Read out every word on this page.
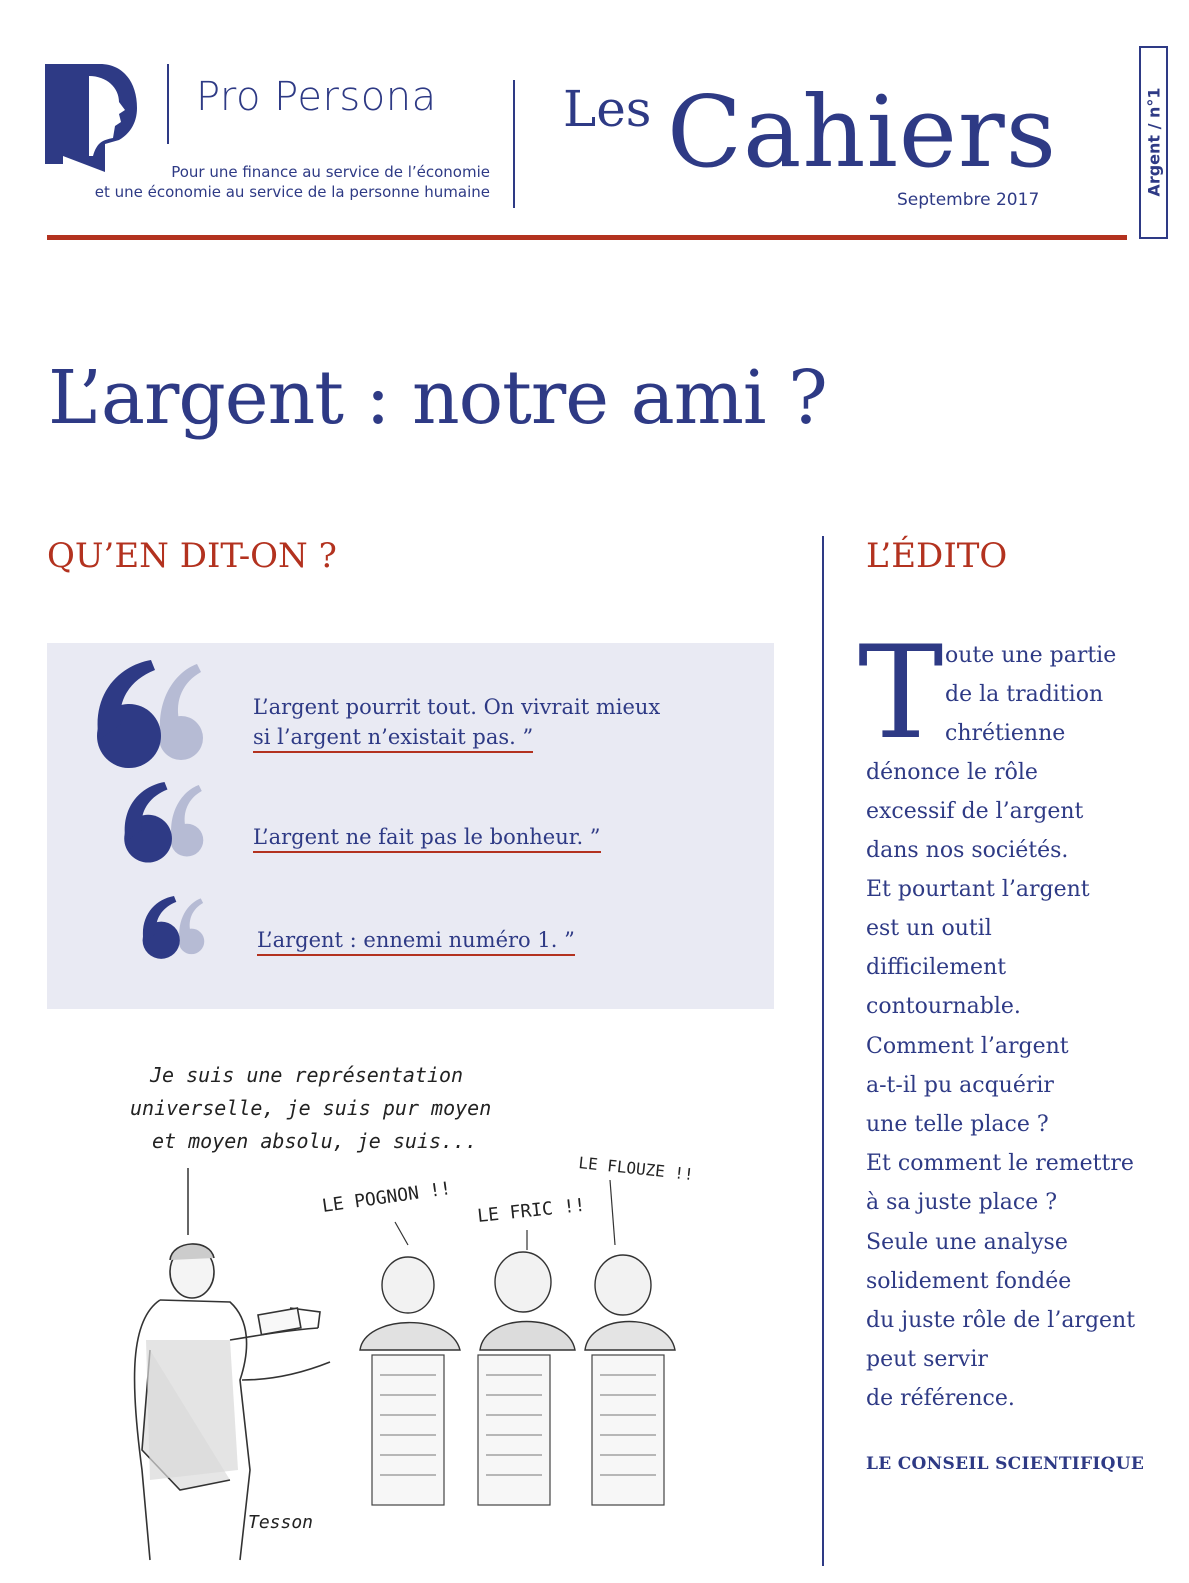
Pro Persona
Pour une finance au service de l’économie
et une économie au service de la personne humaine
Les Cahiers
Septembre 2017
Argent / n°1
L’argent : notre ami ?
QU’EN DIT-ON ?
L’argent pourrit tout. On vivrait mieux
si l’argent n’existait pas. ”
L’argent ne fait pas le bonheur. ”
L’argent : ennemi numéro 1. ”
Je suis une représentation
universelle, je suis pur moyen
et moyen absolu, je suis...
LE POGNON !! LE FRIC !!
LE FLOUZE !!
Tesson
L’ÉDITO
T oute une partie
de la tradition
chrétienne
dénonce le rôle
excessif de l’argent
dans nos sociétés.
Et pourtant l’argent
est un outil
difficilement
contournable.
Comment l’argent
a-t-il pu acquérir
une telle place ?
Et comment le remettre
à sa juste place ?
Seule une analyse
solidement fondée
du juste rôle de l’argent
peut servir
de référence.
LE CONSEIL SCIENTIFIQUE
